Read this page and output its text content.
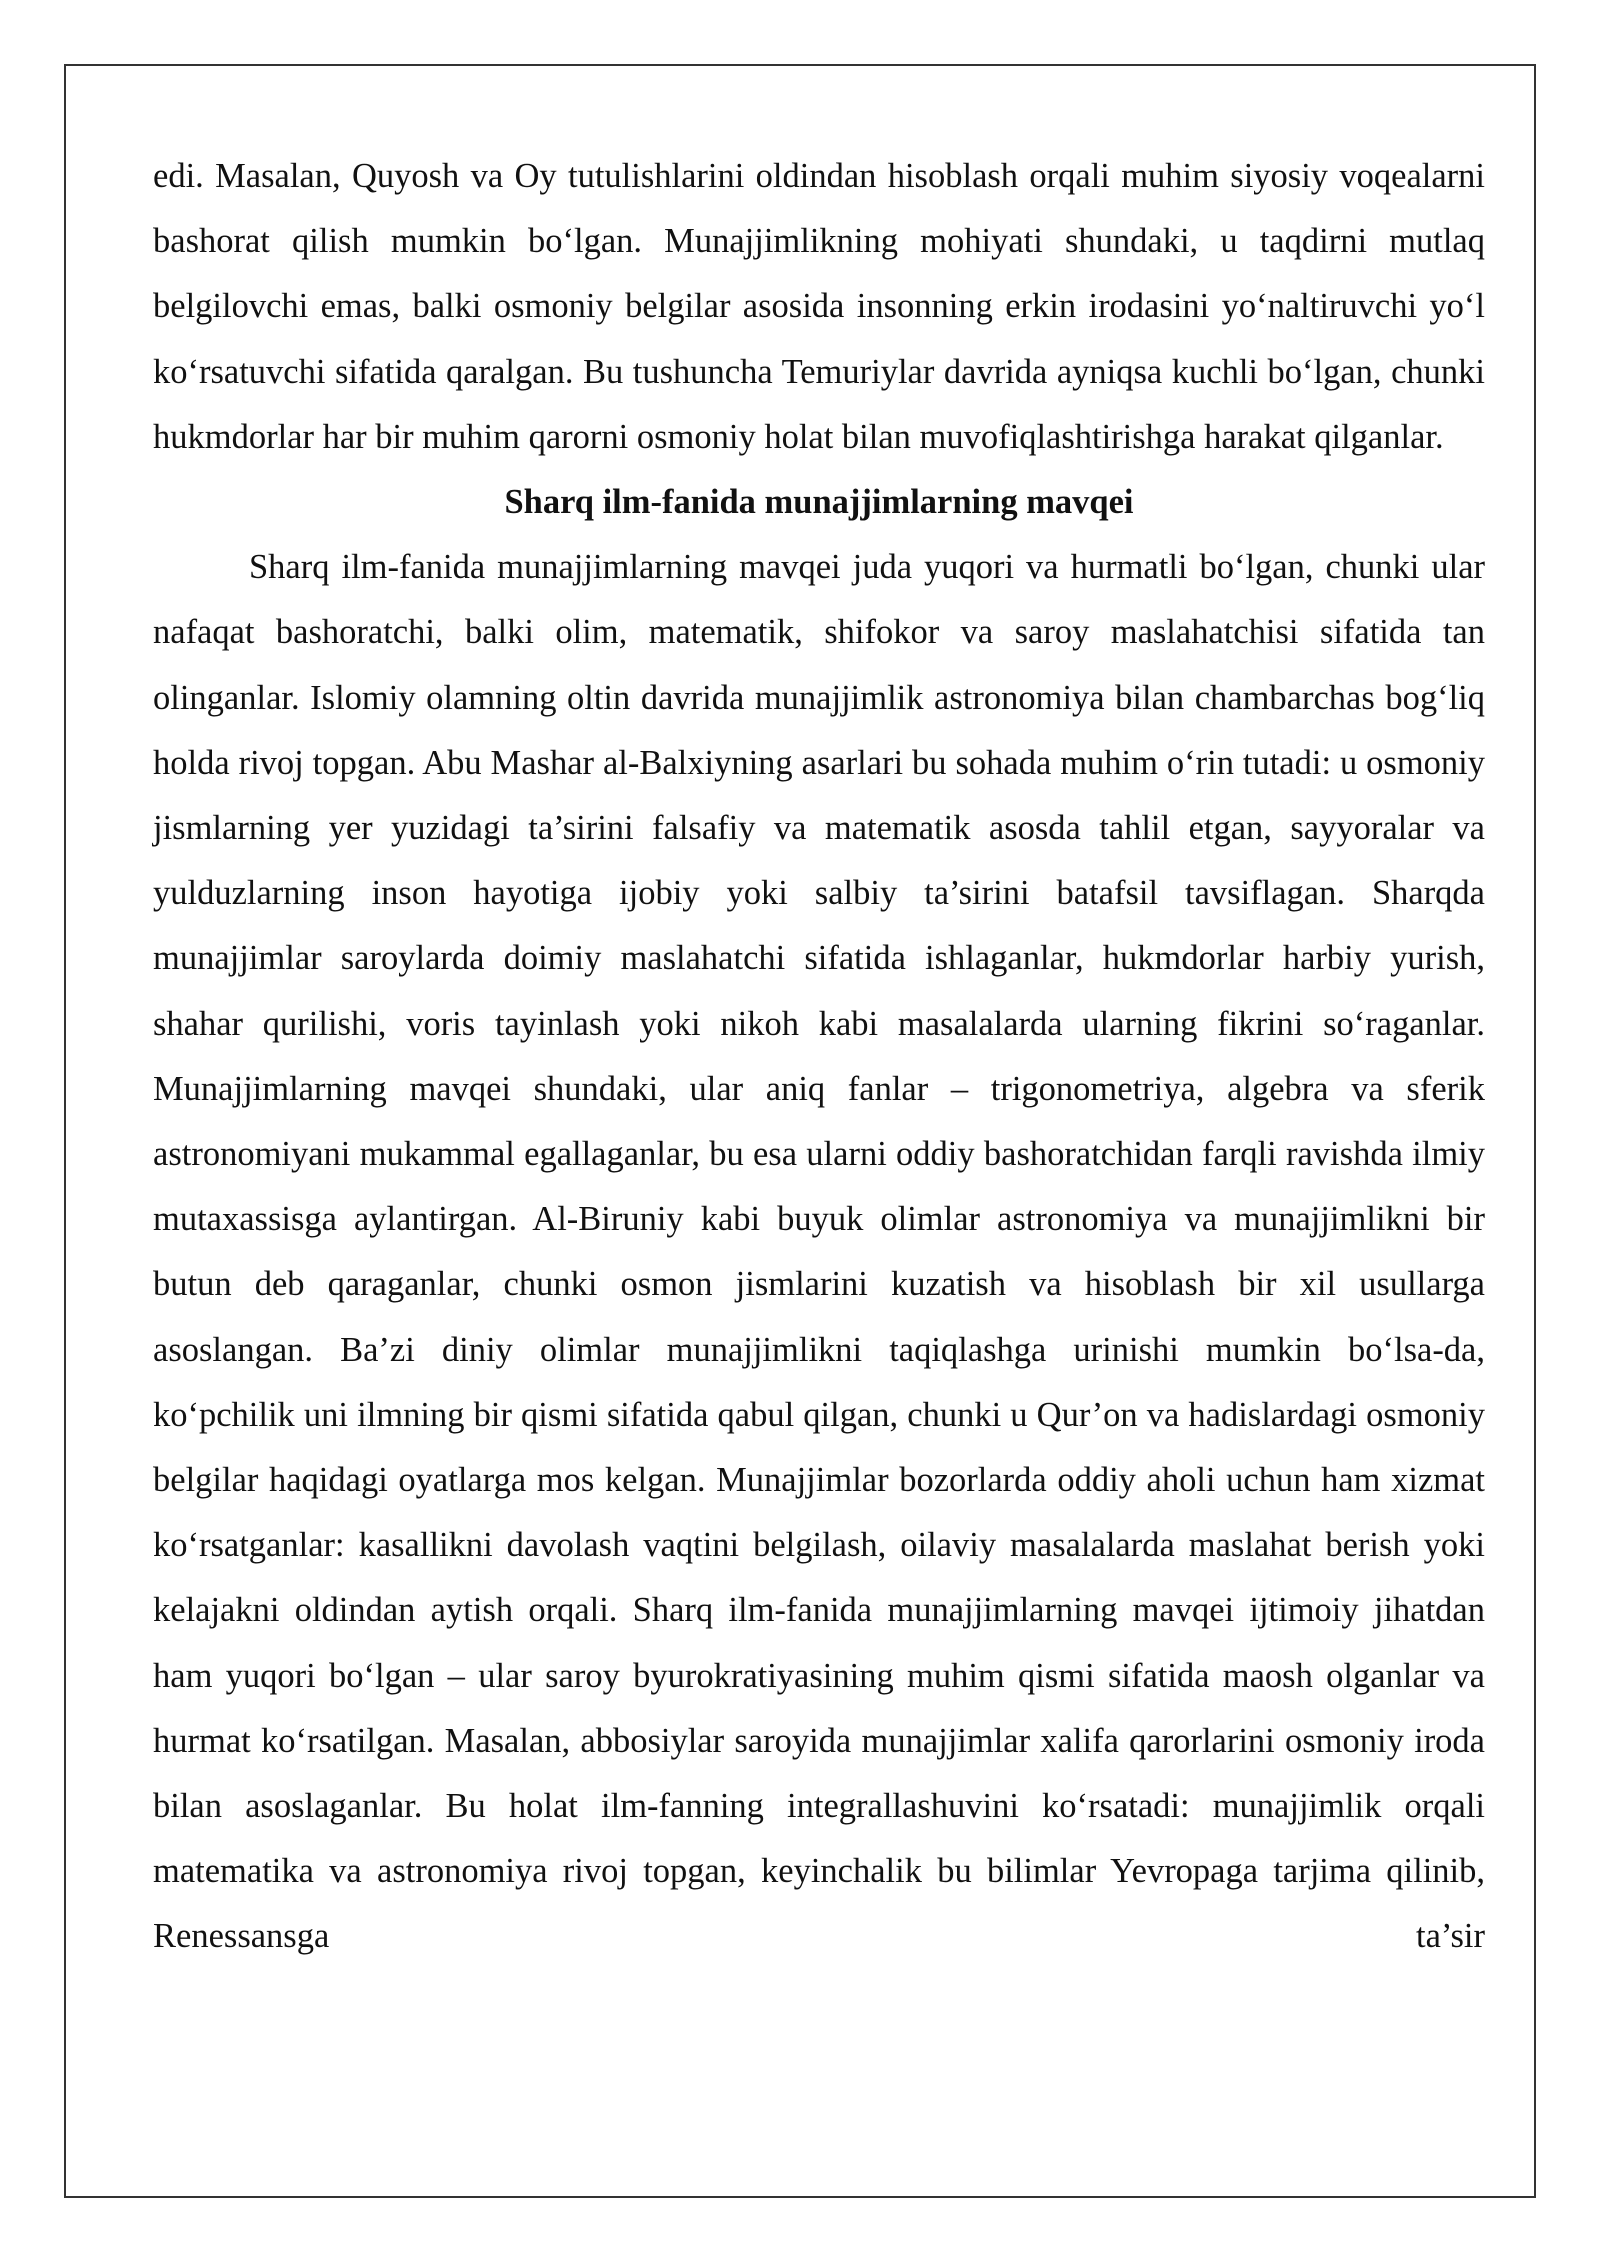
edi. Masalan, Quyosh va Oy tutulishlarini oldindan hisoblash orqali muhim siyosiy voqealarni bashorat qilish mumkin bo‘lgan. Munajjimlikning mohiyati shundaki, u taqdirni mutlaq belgilovchi emas, balki osmoniy belgilar asosida insonning erkin irodasini yo‘naltiruvchi yo‘l ko‘rsatuvchi sifatida qaralgan. Bu tushuncha Temuriylar davrida ayniqsa kuchli bo‘lgan, chunki hukmdorlar har bir muhim qarorni osmoniy holat bilan muvofiqlashtirishga harakat qilganlar.

Sharq ilm-fanida munajjimlarning mavqei

Sharq ilm-fanida munajjimlarning mavqei juda yuqori va hurmatli bo‘lgan, chunki ular nafaqat bashoratchi, balki olim, matematik, shifokor va saroy maslahatchisi sifatida tan olinganlar. Islomiy olamning oltin davrida munajjimlik astronomiya bilan chambarchas bog‘liq holda rivoj topgan. Abu Mashar al-Balxiyning asarlari bu sohada muhim o‘rin tutadi: u osmoniy jismlarning yer yuzidagi ta’sirini falsafiy va matematik asosda tahlil etgan, sayyoralar va yulduzlarning inson hayotiga ijobiy yoki salbiy ta’sirini batafsil tavsiflagan. Sharqda munajjimlar saroylarda doimiy maslahatchi sifatida ishlaganlar, hukmdorlar harbiy yurish, shahar qurilishi, voris tayinlash yoki nikoh kabi masalalarda ularning fikrini so‘raganlar. Munajjimlarning mavqei shundaki, ular aniq fanlar – trigonometriya, algebra va sferik astronomiyani mukammal egallaganlar, bu esa ularni oddiy bashoratchidan farqli ravishda ilmiy mutaxassisga aylantirgan. Al-Biruniy kabi buyuk olimlar astronomiya va munajjimlikni bir butun deb qaraganlar, chunki osmon jismlarini kuzatish va hisoblash bir xil usullarga asoslangan. Ba’zi diniy olimlar munajjimlikni taqiqlashga urinishi mumkin bo‘lsa-da, ko‘pchilik uni ilmning bir qismi sifatida qabul qilgan, chunki u Qur’on va hadislardagi osmoniy belgilar haqidagi oyatlarga mos kelgan. Munajjimlar bozorlarda oddiy aholi uchun ham xizmat ko‘rsatganlar: kasallikni davolash vaqtini belgilash, oilaviy masalalarda maslahat berish yoki kelajakni oldindan aytish orqali. Sharq ilm-fanida munajjimlarning mavqei ijtimoiy jihatdan ham yuqori bo‘lgan – ular saroy byurokratiyasining muhim qismi sifatida maosh olganlar va hurmat ko‘rsatilgan. Masalan, abbosiylar saroyida munajjimlar xalifa qarorlarini osmoniy iroda bilan asoslaganlar. Bu holat ilm-fanning integrallashuvini ko‘rsatadi: munajjimlik orqali matematika va astronomiya rivoj topgan, keyinchalik bu bilimlar Yevropaga tarjima qilinib, Renessansga ta’sir
